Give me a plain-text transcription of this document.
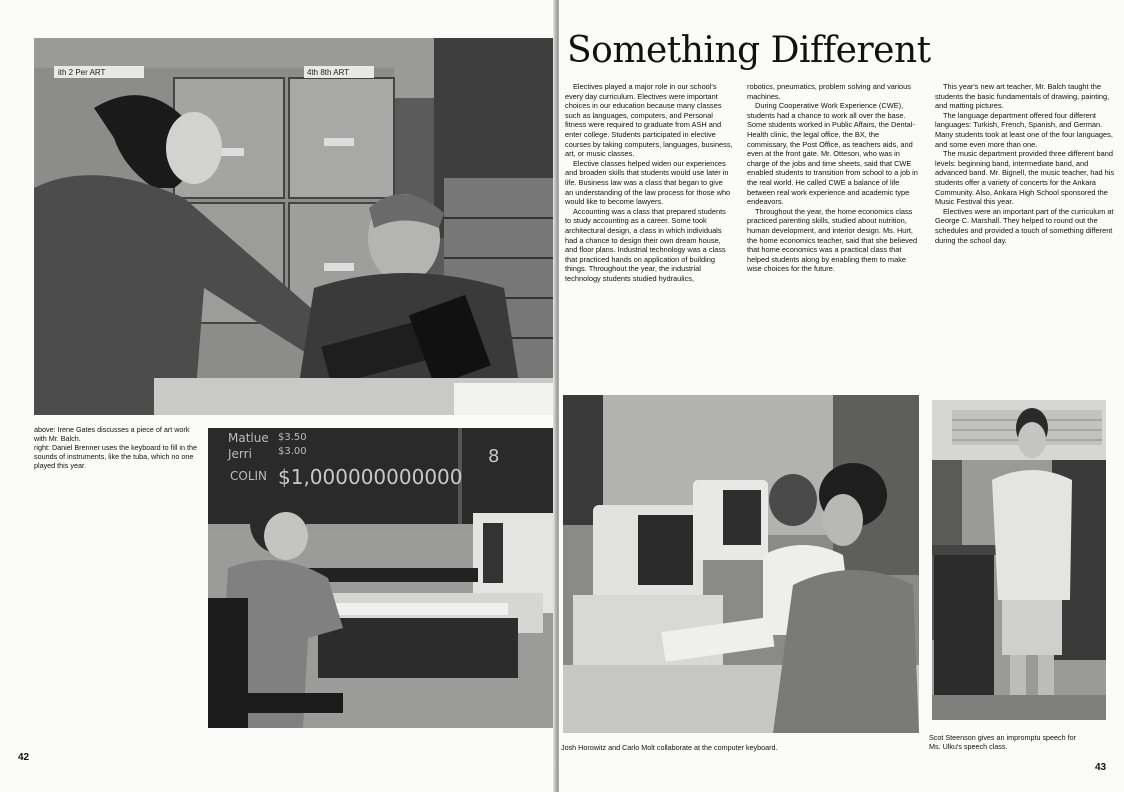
ith 2 Per ART	4th 8th ART

above: Irene Gates discusses a piece of art work with Mr. Balch.

right: Daniel Brenner uses the keyboard to fill in the sounds of instruments, like the tuba, which no one played this year.

Matlue $3.50
Jerri	$3.00
COLIN $1,000000000000
8
42
Something Different

Electives played a major role in our school's every day curriculum. Electives were important choices in our education because many classes such as languages, computers, and Personal fitness were required to graduate from ASH and enter college. Students participated in elective courses by taking computers, languages, business, art, or music classes.

Elective classes helped widen our experiences and broaden skills that students would use later in life. Business law was a class that began to give an understanding of the law process for those who would like to become lawyers.

Accounting was a class that prepared students to study accounting as a career. Some took architectural design, a class in which individuals had a chance to design their own dream house, and floor plans. Industrial technology was a class that practiced hands on application of building things. Throughout the year, the industrial technology students studied hydraulics,

robotics, pneumatics, problem solving and various machines.

During Cooperative Work Experience (CWE), students had a chance to work all over the base. Some students worked in Public Affairs, the Dental-Health clinic, the legal office, the BX, the commissary, the Post Office, as teachers aids, and even at the front gate. Mr. Otteson, who was in charge of the jobs and time sheets, said that CWE enabled students to transition from school to a job in the real world. He called CWE a balance of life between real work experience and academic type endeavors.

Throughout the year, the home economics class practiced parenting skills, studied about nutrition, human development, and interior design. Ms. Hurt, the home economics teacher, said that she believed that home economics was a practical class that helped students along by enabling them to make wise choices for the future.

This year's new art teacher, Mr. Balch taught the students the basic fundamentals of drawing, painting, and matting pictures.

The language department offered four different languages: Turkish, French, Spanish, and German. Many students took at least one of the four languages, and some even more than one.

The music department provided three different band levels: beginning band, intermediate band, and advanced band. Mr. Bignell, the music teacher, had his students offer a variety of concerts for the Ankara Community. Also, Ankara High School sponsored the Music Festival this year.

Electives were an important part of the curriculum at George C. Marshall. They helped to round out the schedules and provided a touch of something different during the school day.

Josh Horowitz and Carlo Molt collaborate at the computer keyboard.
Scot Steenson gives an impromptu speech for Ms. Ulku's speech class.
43
